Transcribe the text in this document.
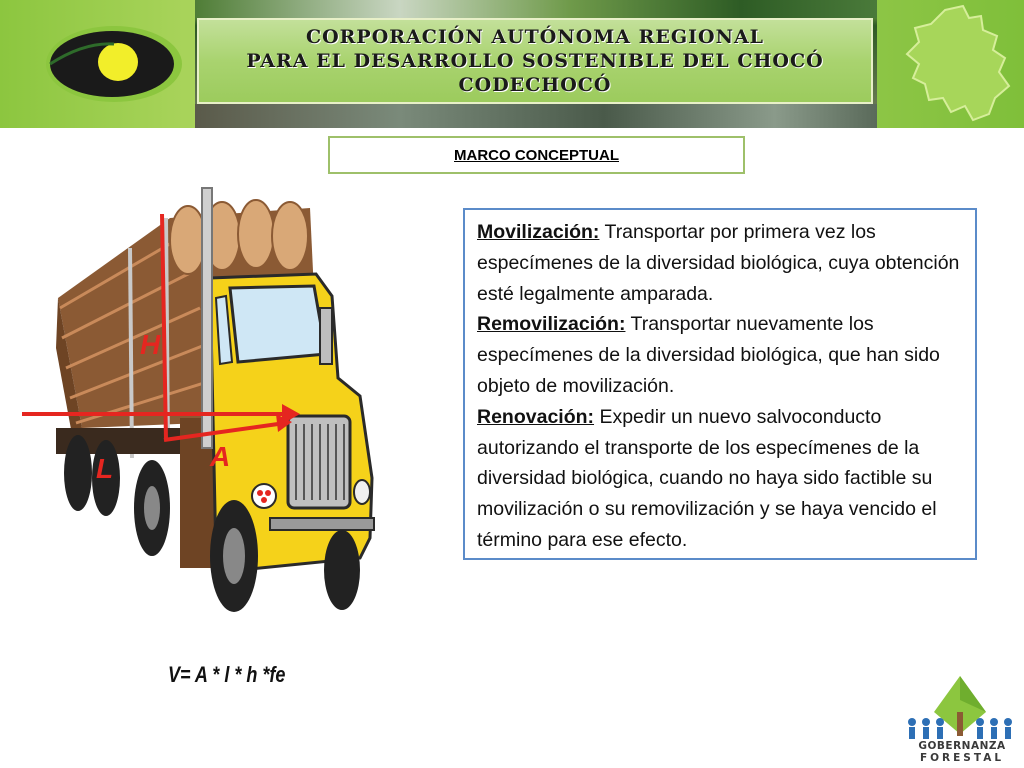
CORPORACIÓN AUTÓNOMA REGIONAL
PARA EL DESARROLLO SOSTENIBLE DEL CHOCÓ
CODECHOCÓ
MARCO CONCEPTUAL
H
A
L
V= A * l * h *fe

Movilización: Transportar por primera vez los especímenes de la diversidad biológica, cuya obtención esté legalmente amparada.

Removilización: Transportar nuevamente los especímenes de la diversidad biológica, que han sido objeto de movilización.

Renovación: Expedir un nuevo salvoconducto autorizando el transporte de los especímenes de la diversidad biológica, cuando no haya sido factible su movilización o su removilización y se haya vencido el término para ese efecto.

GOBERNANZA
FORESTAL
